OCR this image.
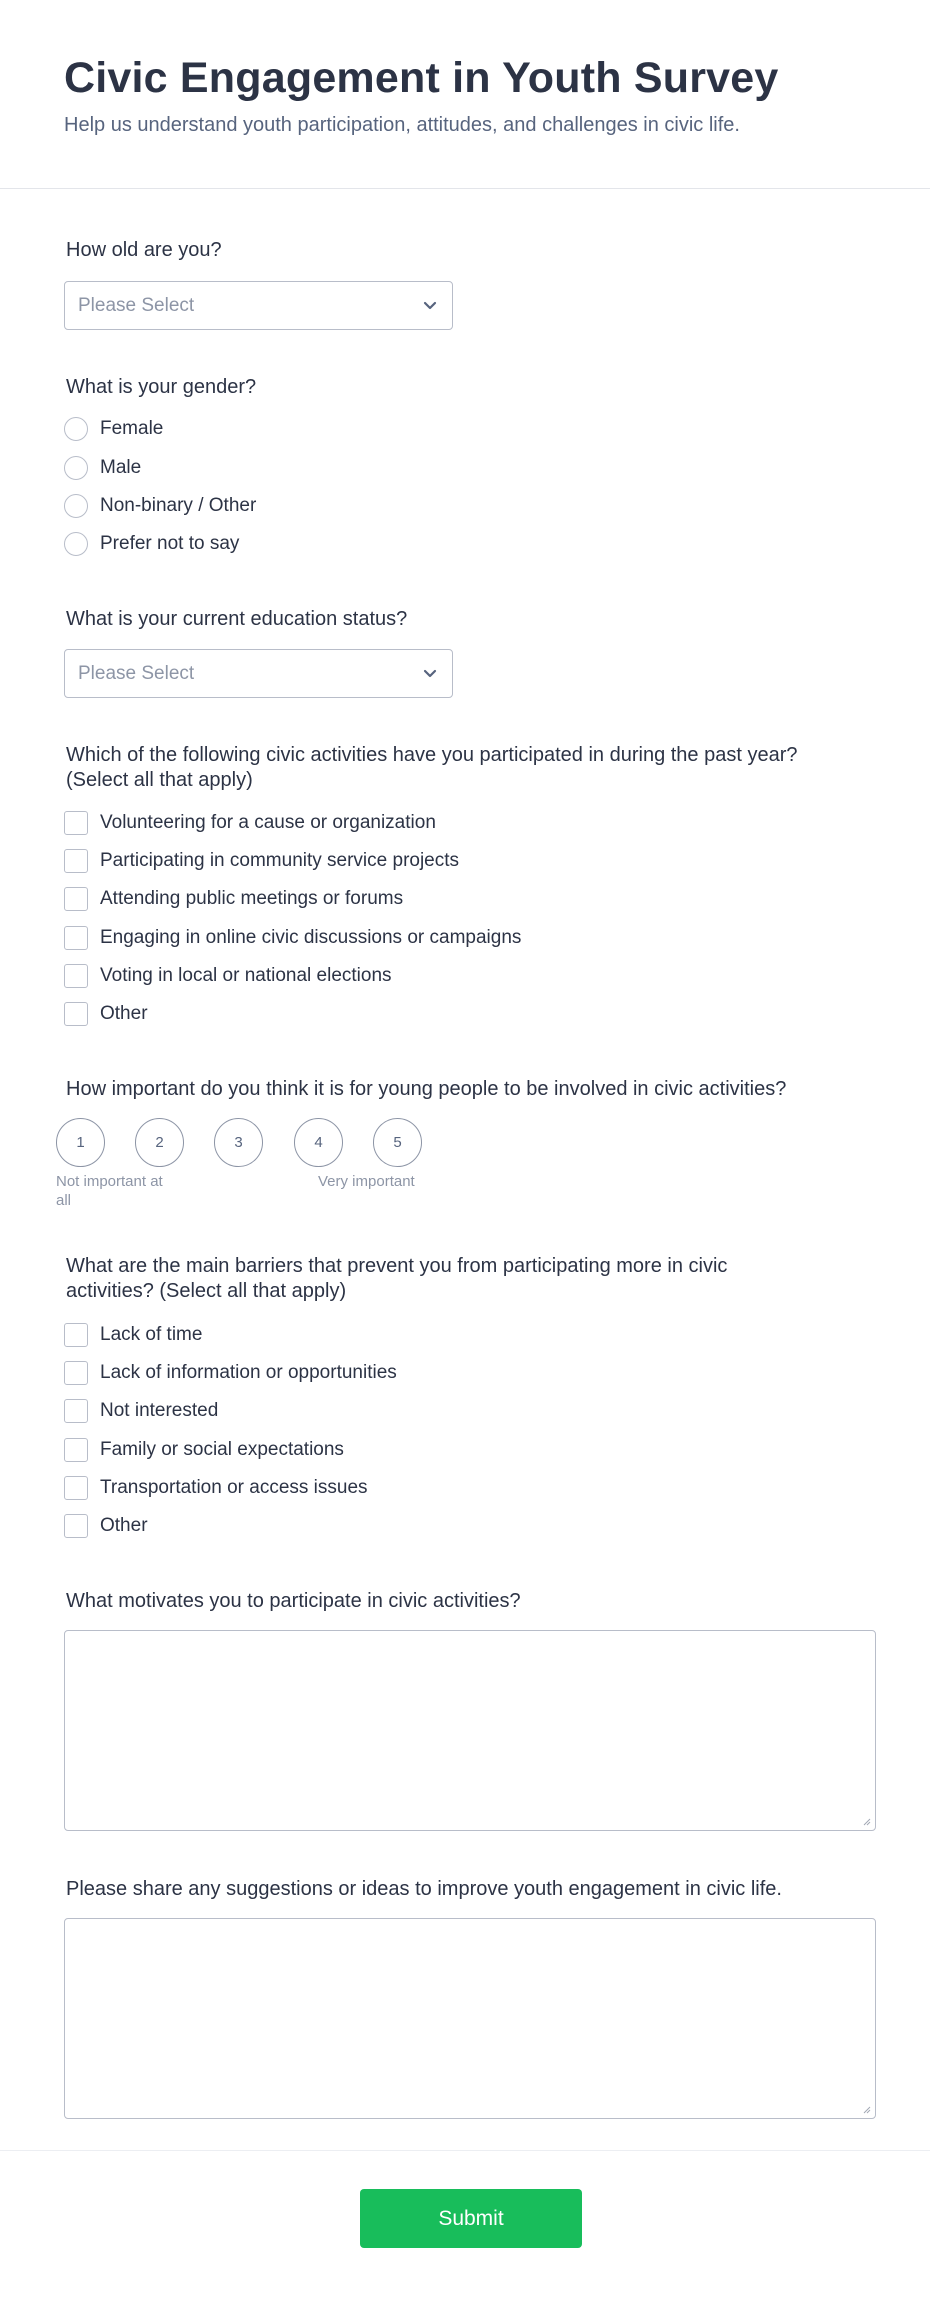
Civic Engagement in Youth Survey

Help us understand youth participation, attitudes, and challenges in civic life.

How old are you?
Please Select
What is your gender?
Female
Male
Non-binary / Other
Prefer not to say
What is your current education status?
Please Select
Which of the following civic activities have you participated in during the past year?
(Select all that apply)
Volunteering for a cause or organization
Participating in community service projects
Attending public meetings or forums
Engaging in online civic discussions or campaigns
Voting in local or national elections
Other
How important do you think it is for young people to be involved in civic activities?
1	2	3	4	5
Not important at
all
Very important
What are the main barriers that prevent you from participating more in civic
activities? (Select all that apply)
Lack of time
Lack of information or opportunities
Not interested
Family or social expectations
Transportation or access issues
Other
What motivates you to participate in civic activities?
Please share any suggestions or ideas to improve youth engagement in civic life.
Submit
